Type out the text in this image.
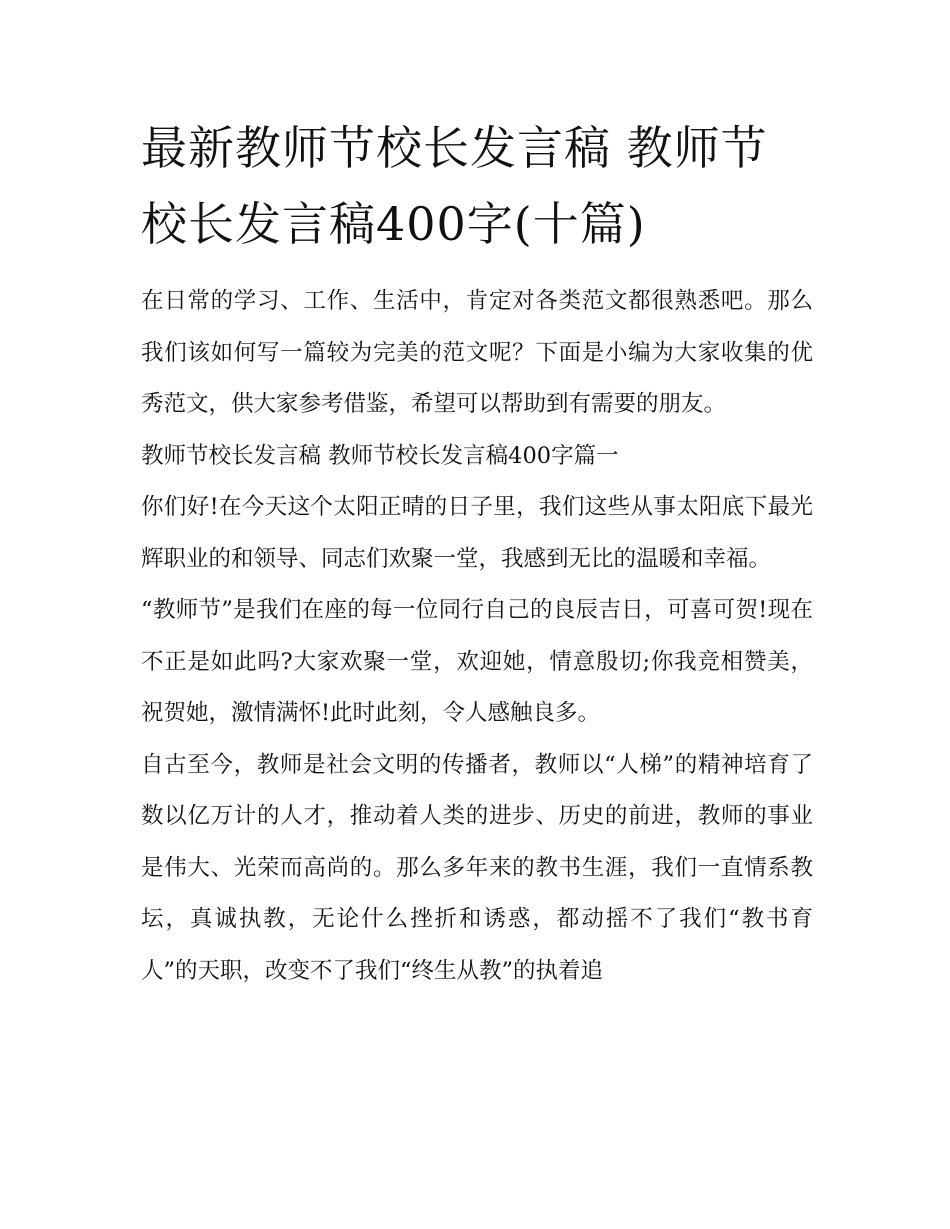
最新教师节校长发言稿 教师节校长发言稿400字(十篇)

在日常的学习、工作、生活中，肯定对各类范文都很熟悉吧。那么我们该如何写一篇较为完美的范文呢？下面是小编为大家收集的优秀范文，供大家参考借鉴，希望可以帮助到有需要的朋友。

教师节校长发言稿 教师节校长发言稿400字篇一

你们好!在今天这个太阳正晴的日子里，我们这些从事太阳底下最光辉职业的和领导、同志们欢聚一堂，我感到无比的温暖和幸福。

“教师节”是我们在座的每一位同行自己的良辰吉日，可喜可贺!现在不正是如此吗?大家欢聚一堂，欢迎她，情意殷切;你我竞相赞美，祝贺她，激情满怀!此时此刻，令人感触良多。

自古至今，教师是社会文明的传播者，教师以“人梯”的精神培育了数以亿万计的人才，推动着人类的进步、历史的前进，教师的事业是伟大、光荣而高尚的。那么多年来的教书生涯，我们一直情系教坛，真诚执教，无论什么挫折和诱惑，都动摇不了我们“教书育人”的天职，改变不了我们“终生从教”的执着追
